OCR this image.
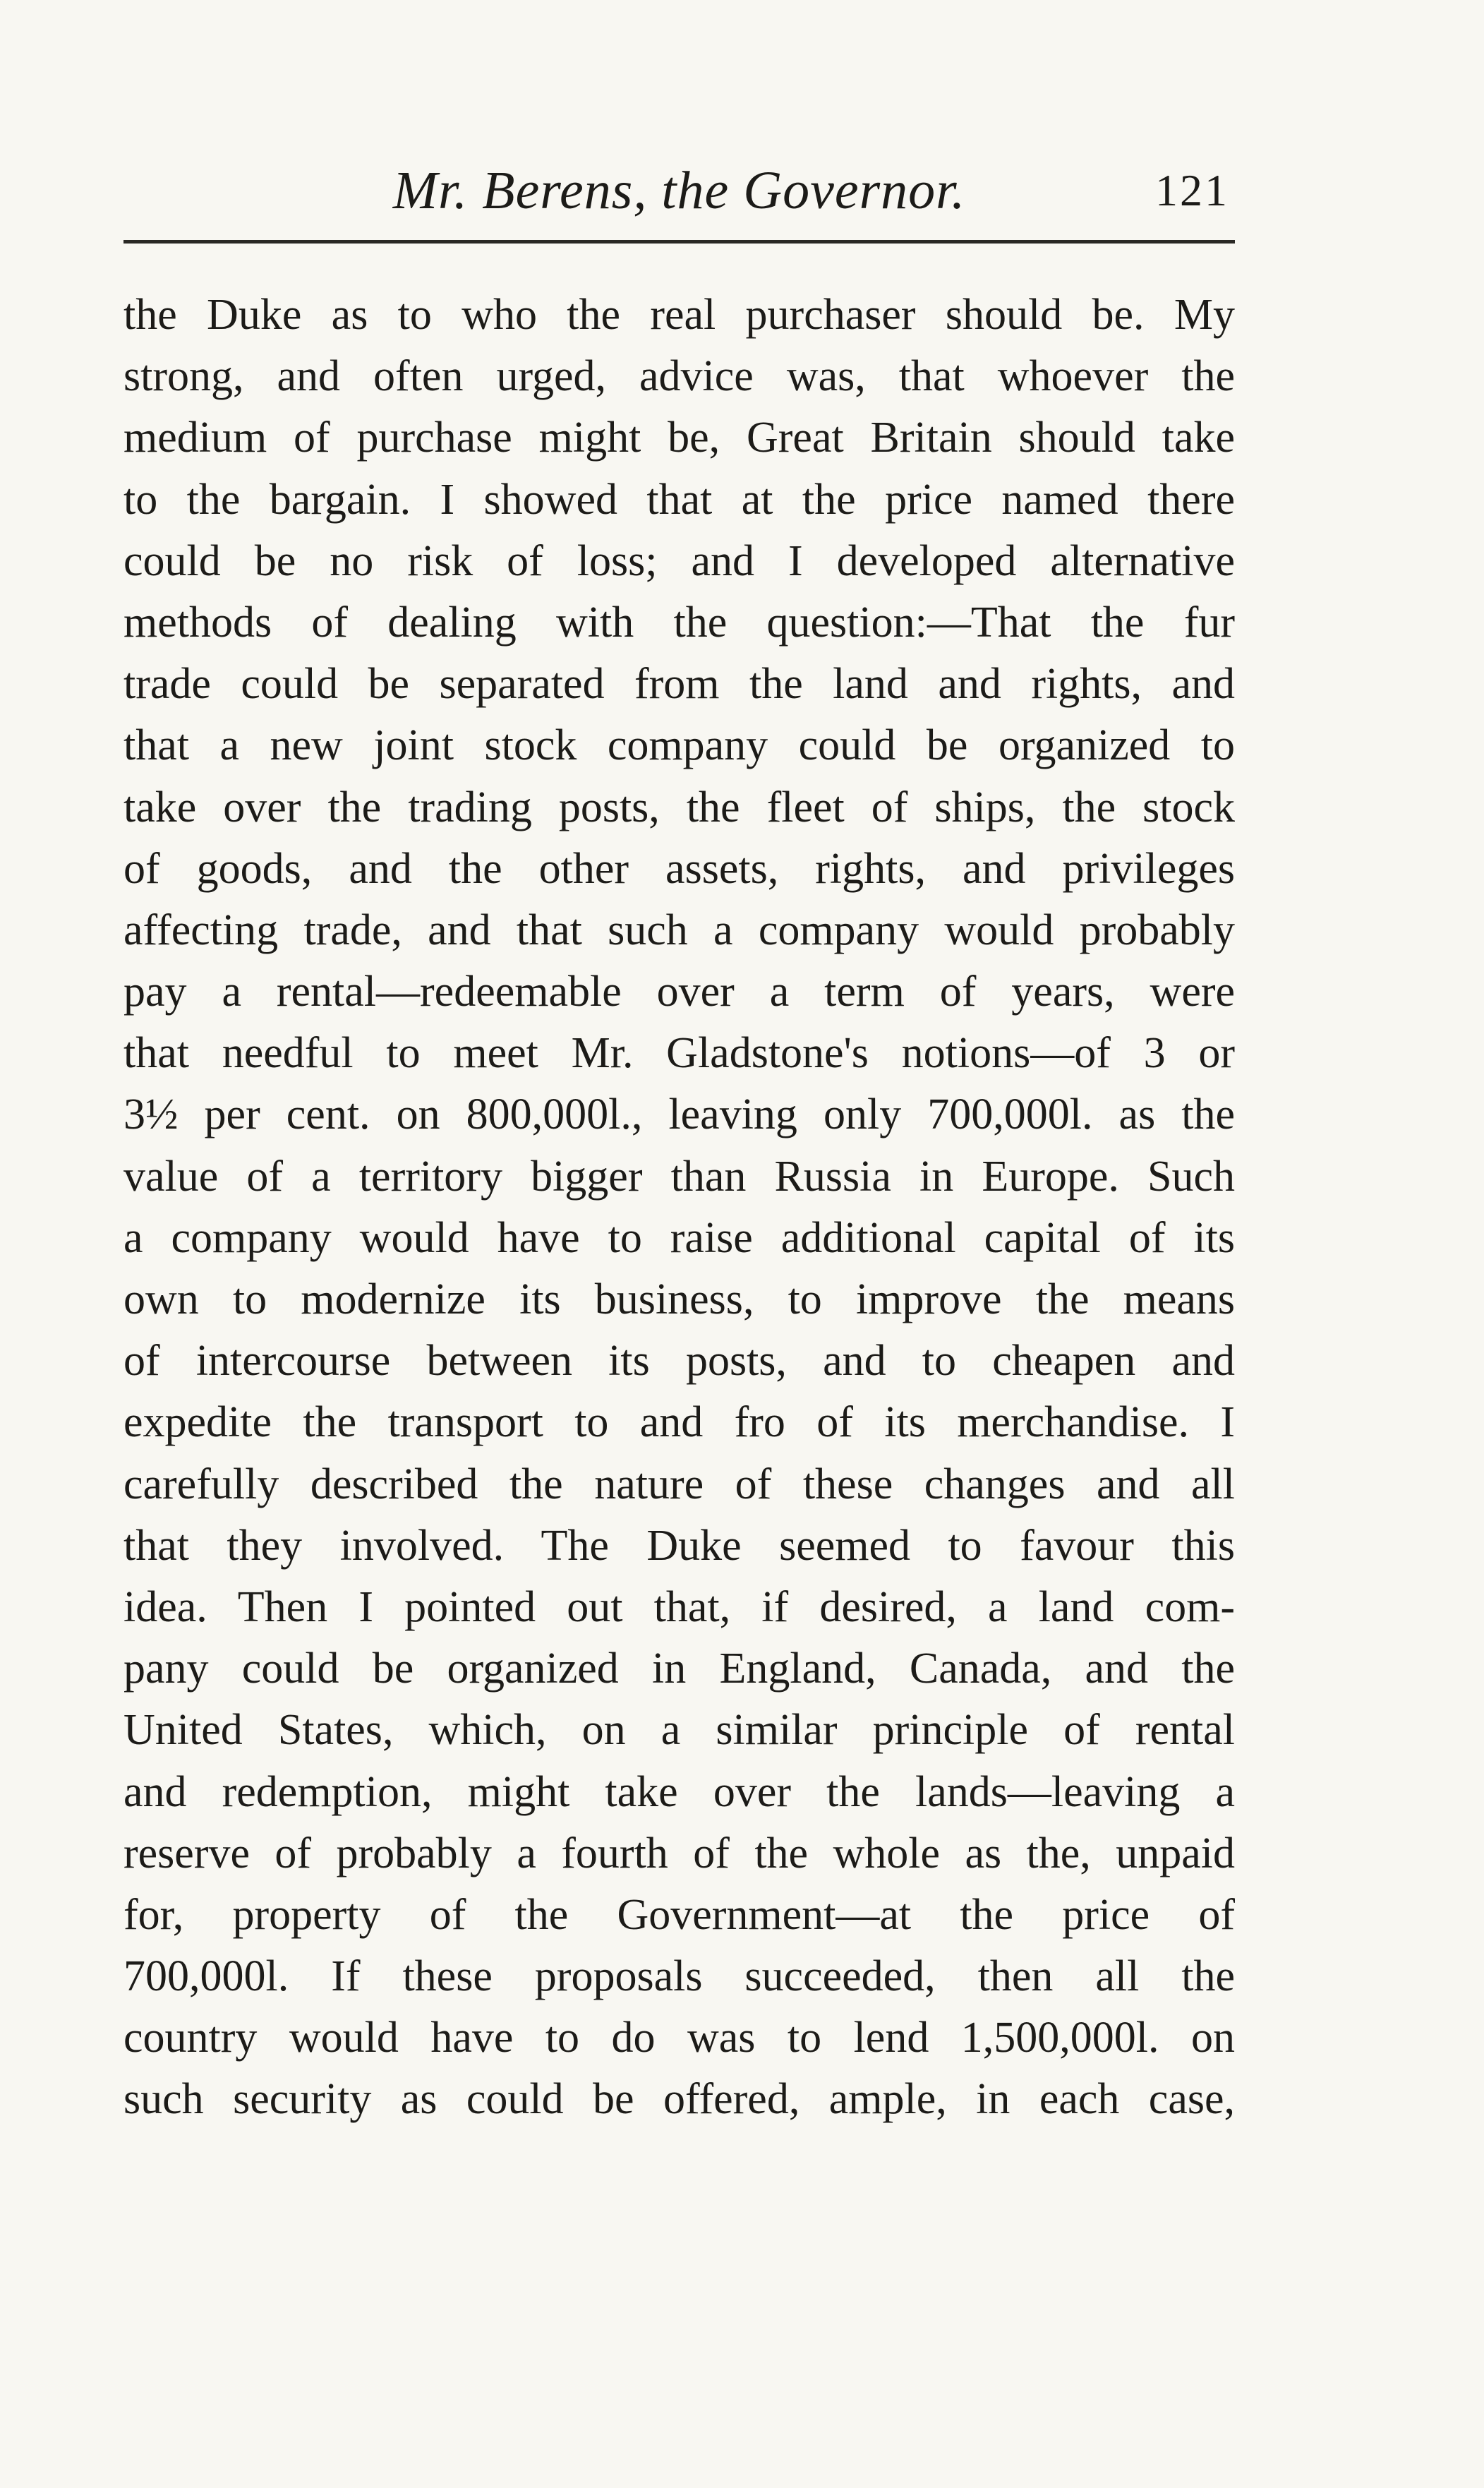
Mr. Berens, the Governor.	121
the Duke as to who the real purchaser should be. My
strong, and often urged, advice was, that whoever the
medium of purchase might be, Great Britain should take
to the bargain. I showed that at the price named there
could be no risk of loss; and I developed alternative
methods of dealing with the question:—That the fur
trade could be separated from the land and rights, and
that a new joint stock company could be organized to
take over the trading posts, the fleet of ships, the stock
of goods, and the other assets, rights, and privileges
affecting trade, and that such a company would probably
pay a rental—redeemable over a term of years, were
that needful to meet Mr. Gladstone's notions—of 3 or
3½ per cent. on 800,000l., leaving only 700,000l. as the
value of a territory bigger than Russia in Europe. Such
a company would have to raise additional capital of its
own to modernize its business, to improve the means
of intercourse between its posts, and to cheapen and
expedite the transport to and fro of its merchandise. I
carefully described the nature of these changes and all
that they involved. The Duke seemed to favour this
idea. Then I pointed out that, if desired, a land com-
pany could be organized in England, Canada, and the
United States, which, on a similar principle of rental
and redemption, might take over the lands—leaving a
reserve of probably a fourth of the whole as the, unpaid
for, property of the Government—at the price of
700,000l. If these proposals succeeded, then all the
country would have to do was to lend 1,500,000l. on
such security as could be offered, ample, in each case,
